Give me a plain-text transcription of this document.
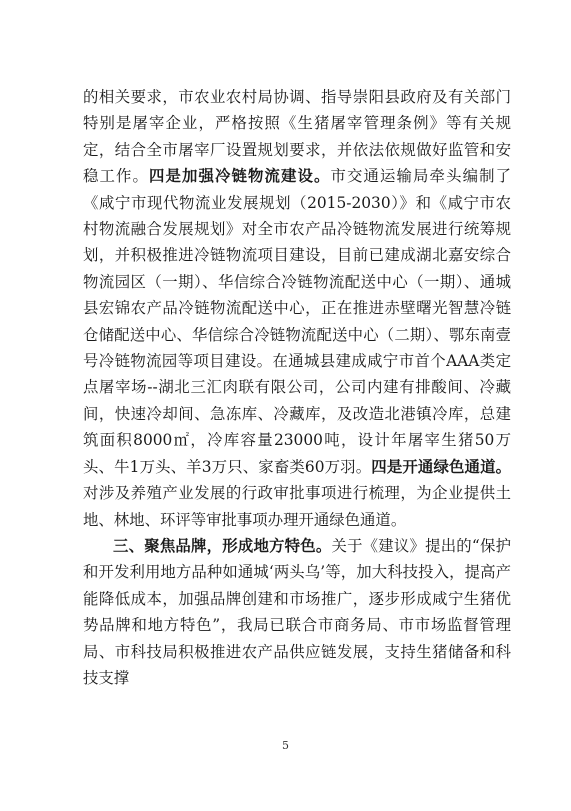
的相关要求，市农业农村局协调、指导崇阳县政府及有关部门特别是屠宰企业，严格按照《生猪屠宰管理条例》等有关规定，结合全市屠宰厂设置规划要求，并依法依规做好监管和安稳工作。四是加强冷链物流建设。市交通运输局牵头编制了《咸宁市现代物流业发展规划（2015-2030）》和《咸宁市农村物流融合发展规划》对全市农产品冷链物流发展进行统筹规划，并积极推进冷链物流项目建设，目前已建成湖北嘉安综合物流园区（一期）、华信综合冷链物流配送中心（一期）、通城县宏锦农产品冷链物流配送中心，正在推进赤壁曙光智慧冷链仓储配送中心、华信综合冷链物流配送中心（二期）、鄂东南壹号冷链物流园等项目建设。在通城县建成咸宁市首个AAA类定点屠宰场--湖北三汇肉联有限公司，公司内建有排酸间、冷藏间，快速冷却间、急冻库、冷藏库，及改造北港镇冷库，总建筑面积8000㎡，冷库容量23000吨，设计年屠宰生猪50万头、牛1万头、羊3万只、家畜类60万羽。四是开通绿色通道。对涉及养殖产业发展的行政审批事项进行梳理，为企业提供土地、林地、环评等审批事项办理开通绿色通道。

三、聚焦品牌，形成地方特色。关于《建议》提出的“保护和开发利用地方品种如通城‘两头乌’等，加大科技投入，提高产能降低成本，加强品牌创建和市场推广，逐步形成咸宁生猪优势品牌和地方特色”，我局已联合市商务局、市市场监督管理局、市科技局积极推进农产品供应链发展，支持生猪储备和科技支撑

5
